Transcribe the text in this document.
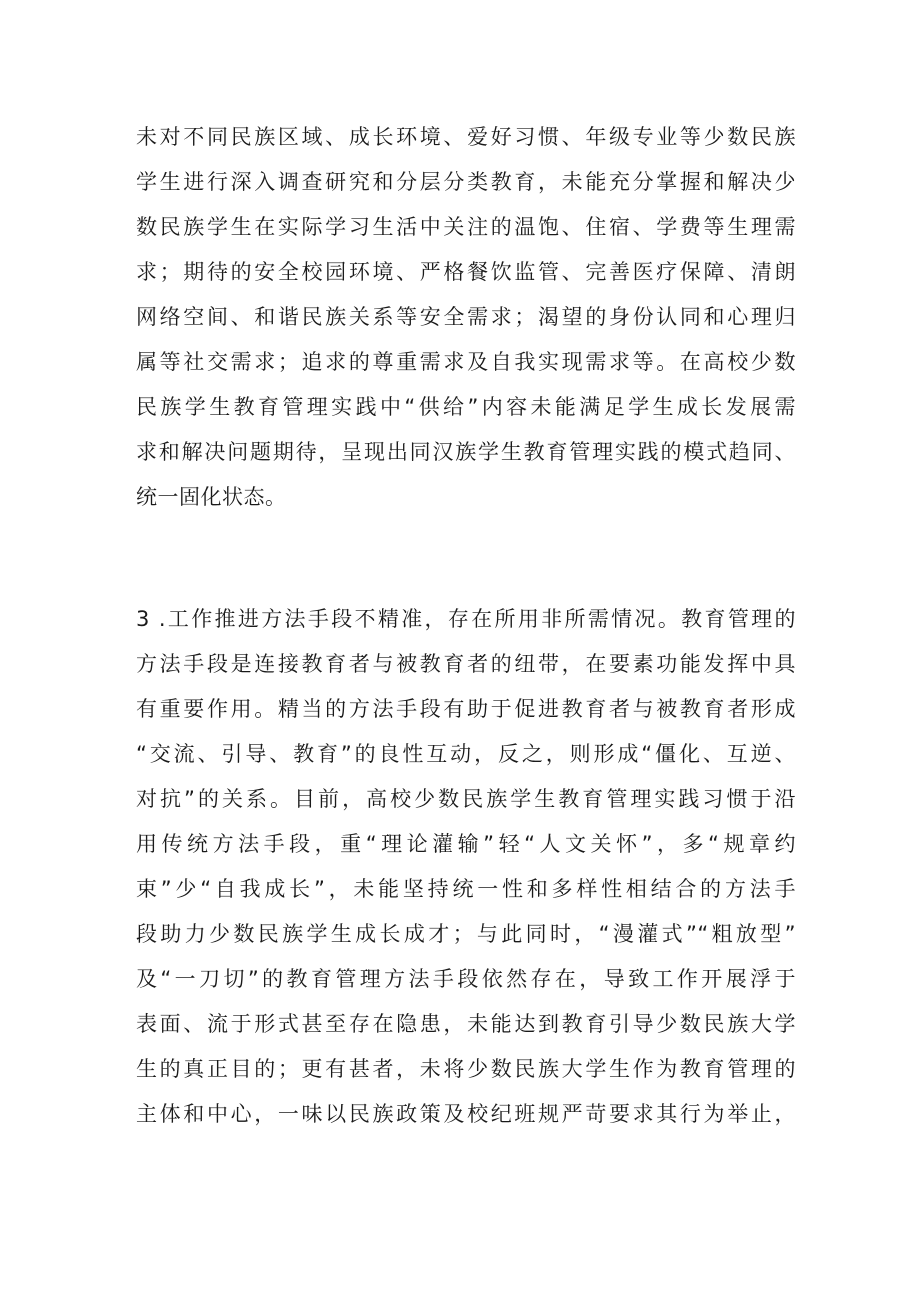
未对不同民族区域、成长环境、爱好习惯、年级专业等少数民族
学生进行深入调查研究和分层分类教育，未能充分掌握和解决少
数民族学生在实际学习生活中关注的温饱、住宿、学费等生理需
求；期待的安全校园环境、严格餐饮监管、完善医疗保障、清朗
网络空间、和谐民族关系等安全需求；渴望的身份认同和心理归
属等社交需求；追求的尊重需求及自我实现需求等。在高校少数
民族学生教育管理实践中“供给”内容未能满足学生成长发展需
求和解决问题期待，呈现出同汉族学生教育管理实践的模式趋同、
统一固化状态。
3 .工作推进方法手段不精准，存在所用非所需情况。教育管理的
方法手段是连接教育者与被教育者的纽带，在要素功能发挥中具
有重要作用。精当的方法手段有助于促进教育者与被教育者形成
“交流、引导、教育”的良性互动，反之，则形成“僵化、互逆、
对抗”的关系。目前，高校少数民族学生教育管理实践习惯于沿
用传统方法手段，重“理论灌输”轻“人文关怀”，多“规章约
束”少“自我成长”，未能坚持统一性和多样性相结合的方法手
段助力少数民族学生成长成才；与此同时，“漫灌式”“粗放型”
及“一刀切”的教育管理方法手段依然存在，导致工作开展浮于
表面、流于形式甚至存在隐患，未能达到教育引导少数民族大学
生的真正目的；更有甚者，未将少数民族大学生作为教育管理的
主体和中心，一味以民族政策及校纪班规严苛要求其行为举止，
